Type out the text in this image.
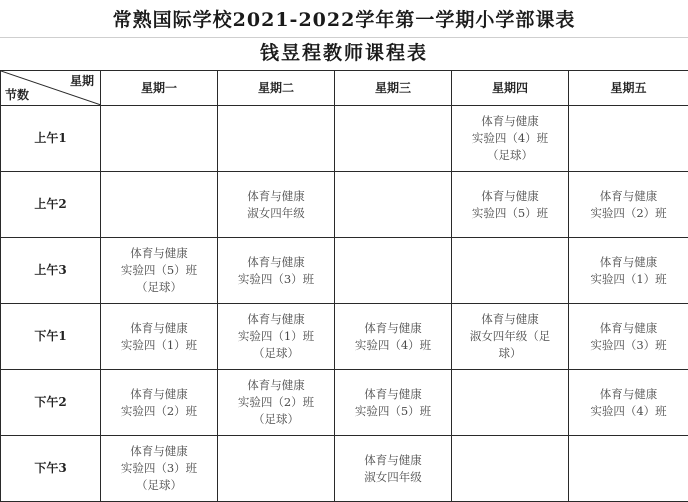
常熟国际学校2021-2022学年第一学期小学部课表
钱昱程教师课程表
星期
节数	星期一	星期二	星期三	星期四	星期五
上午1				体育与健康
实验四（4）班
（足球）	

上午2		体育与健康
淑女四年级		体育与健康
实验四（5）班	体育与健康
实验四（2）班

上午3	体育与健康
实验四（5）班
（足球）	体育与健康
实验四（3）班			体育与健康
实验四（1）班

下午1	体育与健康
实验四（1）班	体育与健康
实验四（1）班
（足球）	体育与健康
实验四（4）班	体育与健康
淑女四年级（足
球）	体育与健康
实验四（3）班

下午2	体育与健康
实验四（2）班	体育与健康
实验四（2）班
（足球）	体育与健康
实验四（5）班		体育与健康
实验四（4）班

下午3	体育与健康
实验四（3）班
（足球）		体育与健康
淑女四年级		
